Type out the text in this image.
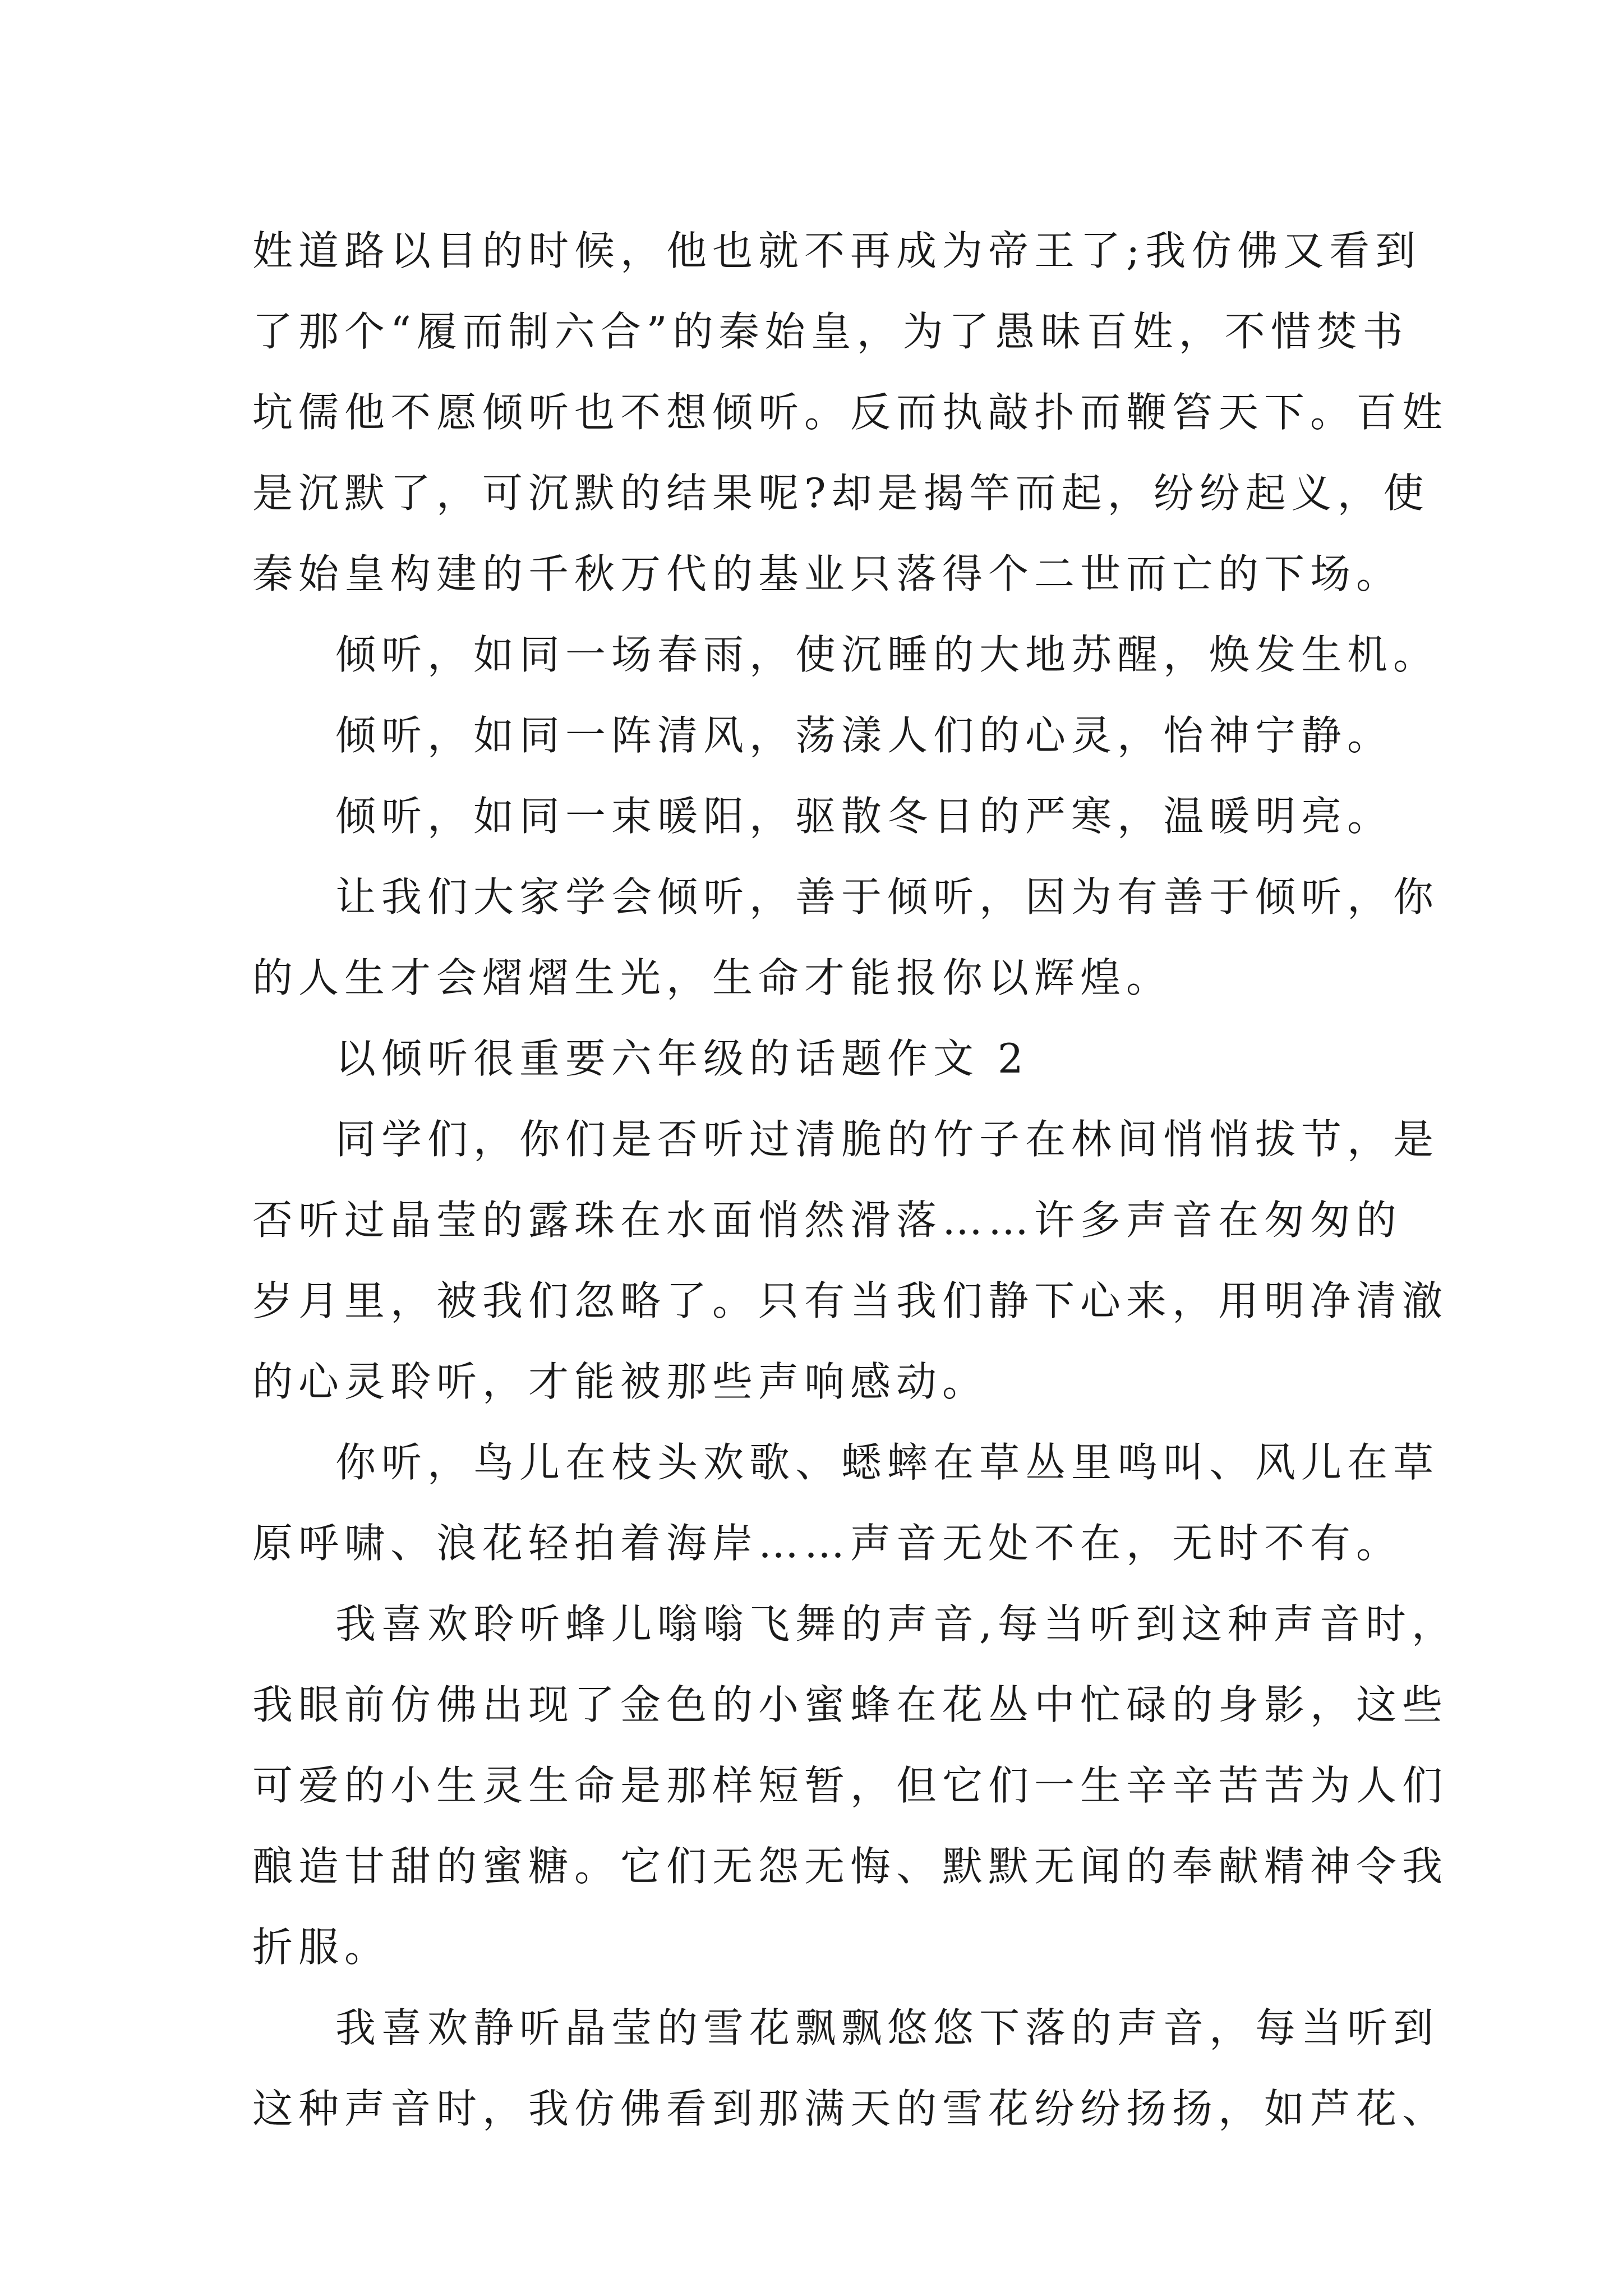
姓道路以目的时候，他也就不再成为帝王了;我仿佛又看到
了那个“履而制六合”的秦始皇，为了愚昧百姓，不惜焚书
坑儒他不愿倾听也不想倾听。反而执敲扑而鞭笞天下。百姓
是沉默了，可沉默的结果呢?却是揭竿而起，纷纷起义，使
秦始皇构建的千秋万代的基业只落得个二世而亡的下场。
倾听，如同一场春雨，使沉睡的大地苏醒，焕发生机。
倾听，如同一阵清风，荡漾人们的心灵，怡神宁静。
倾听，如同一束暖阳，驱散冬日的严寒，温暖明亮。
让我们大家学会倾听，善于倾听，因为有善于倾听，你
的人生才会熠熠生光，生命才能报你以辉煌。
以倾听很重要六年级的话题作文 2
同学们，你们是否听过清脆的竹子在林间悄悄拔节，是
否听过晶莹的露珠在水面悄然滑落……许多声音在匆匆的
岁月里，被我们忽略了。只有当我们静下心来，用明净清澈
的心灵聆听，才能被那些声响感动。
你听，鸟儿在枝头欢歌、蟋蟀在草丛里鸣叫、风儿在草
原呼啸、浪花轻拍着海岸……声音无处不在，无时不有。
我喜欢聆听蜂儿嗡嗡飞舞的声音,每当听到这种声音时，
我眼前仿佛出现了金色的小蜜蜂在花丛中忙碌的身影，这些
可爱的小生灵生命是那样短暂，但它们一生辛辛苦苦为人们
酿造甘甜的蜜糖。它们无怨无悔、默默无闻的奉献精神令我
折服。
我喜欢静听晶莹的雪花飘飘悠悠下落的声音，每当听到
这种声音时，我仿佛看到那满天的雪花纷纷扬扬，如芦花、
